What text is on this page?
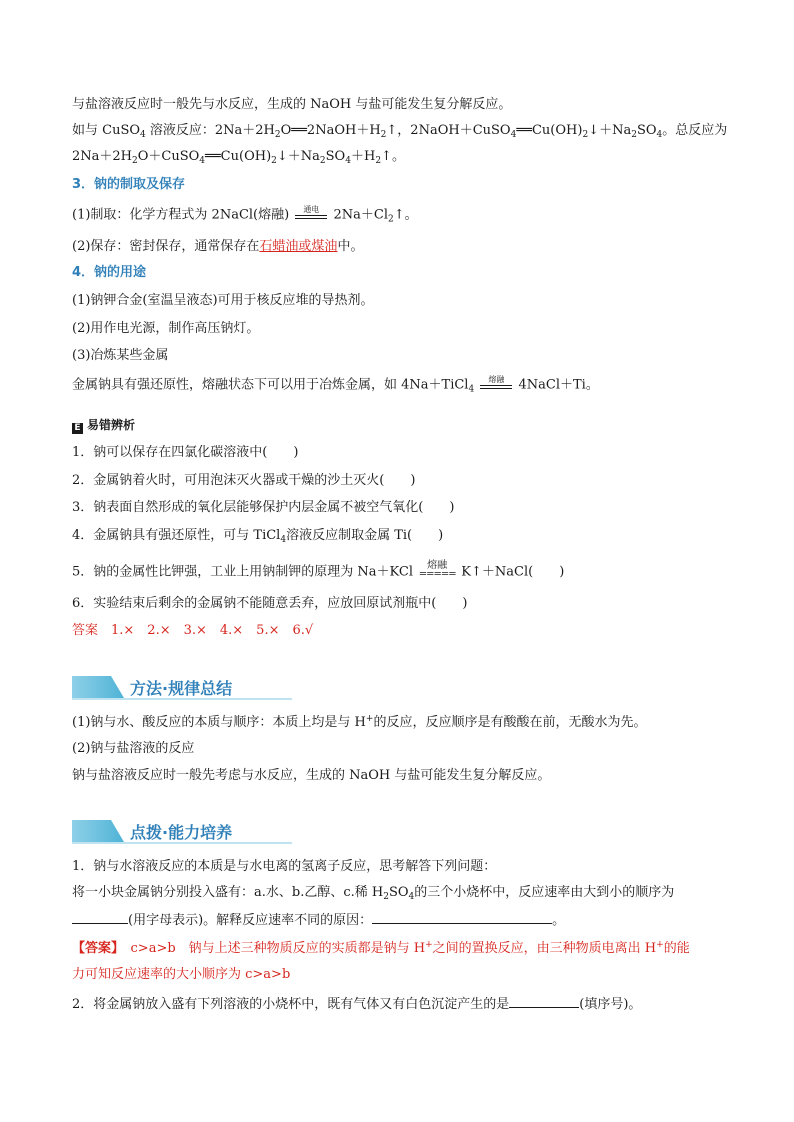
与盐溶液反应时一般先与水反应，生成的 NaOH 与盐可能发生复分解反应。
如与 CuSO$_4$ 溶液反应：$2Na+2H_2O══2NaOH+H_2↑$，$2NaOH+CuSO_4══Cu(OH)_2↓+Na_2SO_4$。总反应为
$2Na+2H_2O+CuSO_4══Cu(OH)_2↓+Na_2SO_4+H_2↑$。
3．钠的制取及保存
(1)制取：化学方程式为 2NaCl(熔融)	通电	$2Na+Cl_2↑$。
(2)保存：密封保存，通常保存在石蜡油或煤油中。
4．钠的用途
(1)钠钾合金(室温呈液态)可用于核反应堆的导热剂。
(2)用作电光源，制作高压钠灯。
(3)冶炼某些金属
金属钠具有强还原性，熔融状态下可以用于冶炼金属，如 4Na＋TiCl$_4$
熔融	4NaCl＋Ti。
E 易错辨析
1．钠可以保存在四氯化碳溶液中(　　)
2．金属钠着火时，可用泡沫灭火器或干燥的沙土灭火(　　)
3．钠表面自然形成的氧化层能够保护内层金属不被空气氧化(　　)
4．金属钠具有强还原性，可与 TiCl$_4$溶液反应制取金属 Ti(　　)
5．钠的金属性比钾强，工业上用钠制钾的原理为 Na＋KCl	熔融
===== K↑＋NaCl(　　)
6．实验结束后剩余的金属钠不能随意丢弃，应放回原试剂瓶中(　　)
答案　1.×　2.×　3.×　4.×　5.×　6.√
方法·规律总结
(1)钠与水、酸反应的本质与顺序：本质上均是与 H+的反应，反应顺序是有酸酸在前，无酸水为先。
(2)钠与盐溶液的反应
钠与盐溶液反应时一般先考虑与水反应，生成的 NaOH 与盐可能发生复分解反应。
点拨·能力培养
1．钠与水溶液反应的本质是与水电离的氢离子反应，思考解答下列问题：
将一小块金属钠分别投入盛有：a.水、b.乙醇、c.稀 $H_2SO_4$的三个小烧杯中，反应速率由大到小的顺序为
(用字母表示)。解释反应速率不同的原因：	。
【答案】　c>a>b　钠与上述三种物质反应的实质都是钠与 H+之间的置换反应，由三种物质电离出 H+的能
力可知反应速率的大小顺序为 c>a>b
2．将金属钠放入盛有下列溶液的小烧杯中，既有气体又有白色沉淀产生的是	(填序号)。
